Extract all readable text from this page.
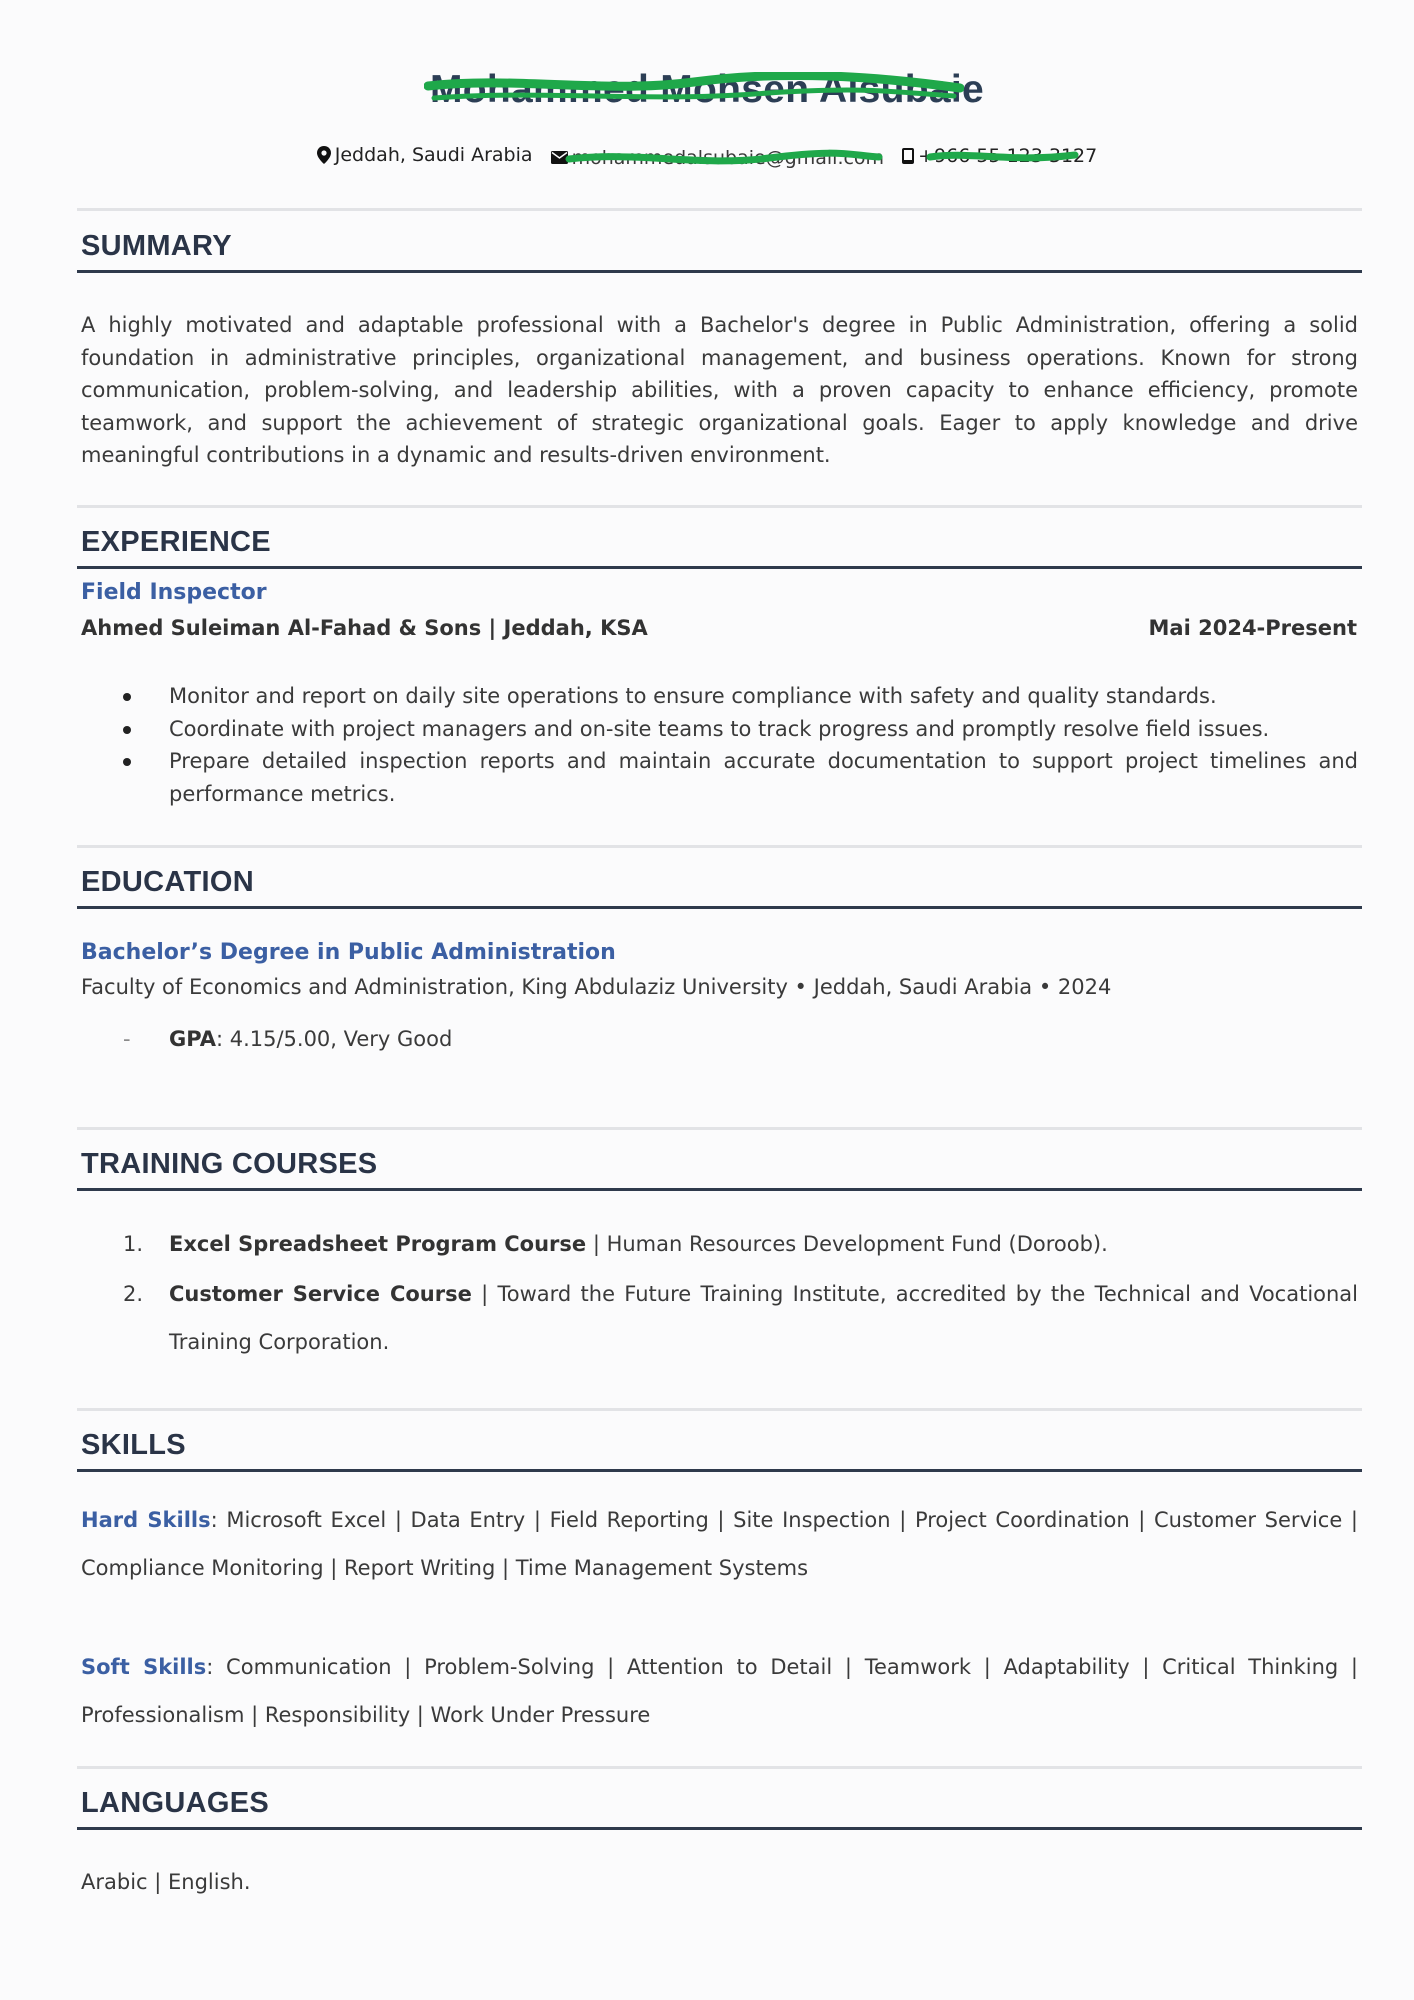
Mohammed Mohsen Alsubaie
Jeddah, Saudi Arabia
mohammedalsubaie@gmail.com
+966 55 123 3127
SUMMARY
A highly motivated and adaptable professional with a Bachelor's degree in Public Administration, offering a solid foundation in administrative principles, organizational management, and business operations. Known for strong communication, problem-solving, and leadership abilities, with a proven capacity to enhance efficiency, promote teamwork, and support the achievement of strategic organizational goals. Eager to apply knowledge and drive meaningful contributions in a dynamic and results-driven environment.
EXPERIENCE
Field Inspector
Ahmed Suleiman Al-Fahad & Sons | Jeddah, KSA	Mai 2024-Present
Monitor and report on daily site operations to ensure compliance with safety and quality standards.
Coordinate with project managers and on-site teams to track progress and promptly resolve field issues.
Prepare detailed inspection reports and maintain accurate documentation to support project timelines and performance metrics.
EDUCATION
Bachelor’s Degree in Public Administration
Faculty of Economics and Administration, King Abdulaziz University • Jeddah, Saudi Arabia • 2024
- GPA: 4.15/5.00, Very Good
TRAINING COURSES
1. Excel Spreadsheet Program Course | Human Resources Development Fund (Doroob).
2. Customer Service Course | Toward the Future Training Institute, accredited by the Technical and Vocational Training Corporation.
SKILLS
Hard Skills: Microsoft Excel | Data Entry | Field Reporting | Site Inspection | Project Coordination | Customer Service | Compliance Monitoring | Report Writing | Time Management Systems
Soft Skills: Communication | Problem-Solving | Attention to Detail | Teamwork | Adaptability | Critical Thinking | Professionalism | Responsibility | Work Under Pressure
LANGUAGES
Arabic | English.
